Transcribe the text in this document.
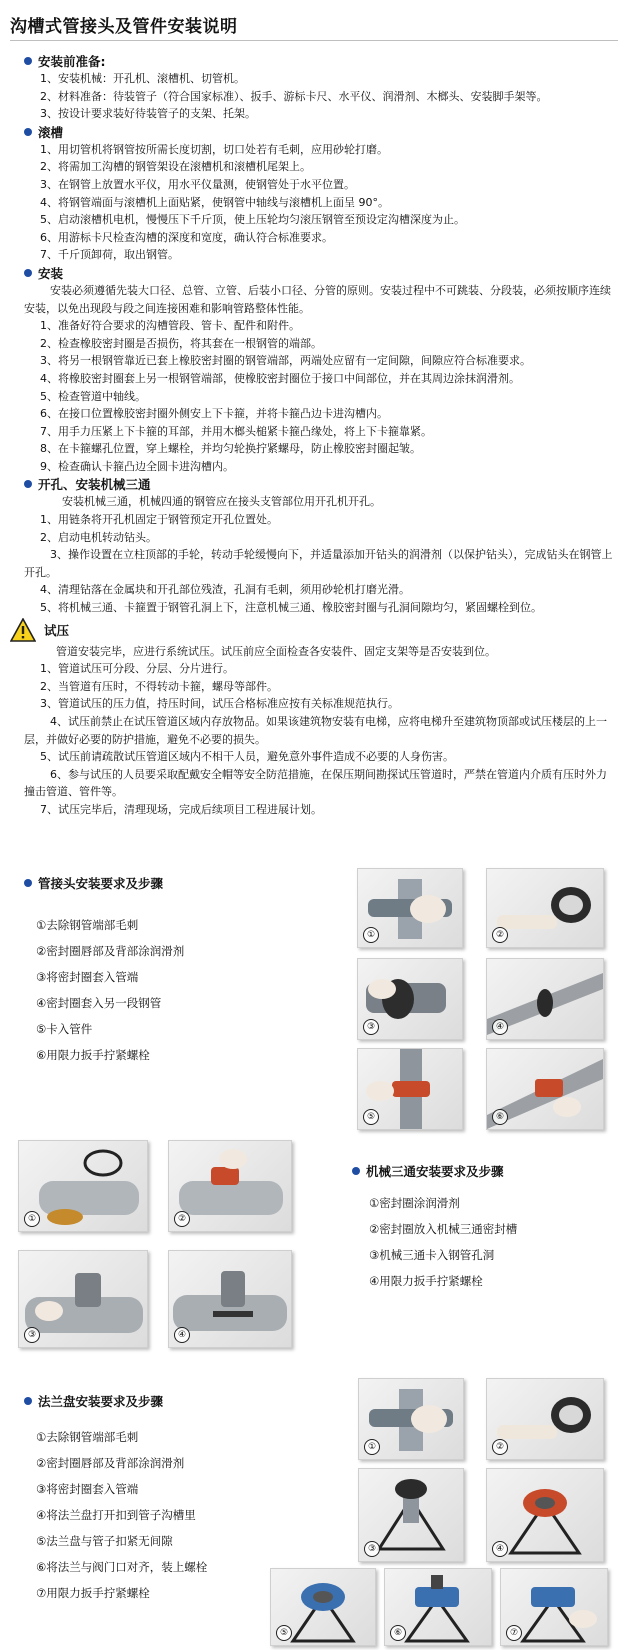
沟槽式管接头及管件安装说明
安装前准备:
1、安装机械：开孔机、滚槽机、切管机。
2、材料准备：待装管子（符合国家标准）、扳手、游标卡尺、水平仪、润滑剂、木榔头、安装脚手架等。
3、按设计要求装好待装管子的支架、托架。
滚槽
1、用切管机将钢管按所需长度切割，切口处若有毛刺，应用砂轮打磨。
2、将需加工沟槽的钢管架设在滚槽机和滚槽机尾架上。
3、在钢管上放置水平仪，用水平仪量测，使钢管处于水平位置。
4、将钢管端面与滚槽机上面贴紧，使钢管中轴线与滚槽机上面呈 90°。
5、启动滚槽机电机，慢慢压下千斤顶，使上压轮均匀滚压钢管至预设定沟槽深度为止。
6、用游标卡尺检查沟槽的深度和宽度，确认符合标准要求。
7、千斤顶卸荷，取出钢管。
安装
安装必须遵循先装大口径、总管、立管、后装小口径、分管的原则。安装过程中不可跳装、分段装，必须按顺序连续安装，以免出现段与段之间连接困难和影响管路整体性能。
1、准备好符合要求的沟槽管段、管卡、配件和附件。
2、检查橡胶密封圈是否损伤，将其套在一根钢管的端部。
3、将另一根钢管靠近已套上橡胶密封圈的钢管端部，两端处应留有一定间隙，间隙应符合标准要求。
4、将橡胶密封圈套上另一根钢管端部，使橡胶密封圈位于接口中间部位，并在其周边涂抹润滑剂。
5、检查管道中轴线。
6、在接口位置橡胶密封圈外侧安上下卡箍，并将卡箍凸边卡进沟槽内。
7、用手力压紧上下卡箍的耳部，并用木榔头槌紧卡箍凸缘处，将上下卡箍靠紧。
8、在卡箍螺孔位置，穿上螺栓，并均匀轮换拧紧螺母，防止橡胶密封圈起皱。
9、检查确认卡箍凸边全圆卡进沟槽内。
开孔、安装机械三通
安装机械三通，机械四通的钢管应在接头支管部位用开孔机开孔。
1、用链条将开孔机固定于钢管预定开孔位置处。
2、启动电机转动钻头。
3、操作设置在立柱顶部的手轮，转动手轮缓慢向下，并适量添加开钻头的润滑剂（以保护钻头），完成钻头在钢管上开孔。
4、清理钻落在金属块和开孔部位残渣，孔洞有毛刺，须用砂轮机打磨光滑。
5、将机械三通、卡箍置于钢管孔洞上下，注意机械三通、橡胶密封圈与孔洞间隙均匀，紧固螺栓到位。
试压
管道安装完毕，应进行系统试压。试压前应全面检查各安装件、固定支架等是否安装到位。
1、管道试压可分段、分层、分片进行。
2、当管道有压时，不得转动卡箍，螺母等部件。
3、管道试压的压力值，持压时间，试压合格标准应按有关标准规范执行。
4、试压前禁止在试压管道区域内存放物品。如果该建筑物安装有电梯，应将电梯升至建筑物顶部或试压楼层的上一层，并做好必要的防护措施，避免不必要的损失。
5、试压前请疏散试压管道区域内不相干人员，避免意外事件造成不必要的人身伤害。
6、参与试压的人员要采取配戴安全帽等安全防范措施，在保压期间勘探试压管道时，严禁在管道内介质有压时外力撞击管道、管件等。
7、试压完毕后，清理现场，完成后续项目工程进展计划。
管接头安装要求及步骤
①去除钢管端部毛刺
②密封圈唇部及背部涂润滑剂
③将密封圈套入管端
④密封圈套入另一段钢管
⑤卡入管件
⑥用限力扳手拧紧螺栓
①	②
③	④
⑤	⑥
①	②
③	④
机械三通安装要求及步骤
①密封圈涂润滑剂
②密封圈放入机械三通密封槽
③机械三通卡入钢管孔洞
④用限力扳手拧紧螺栓
法兰盘安装要求及步骤
①去除钢管端部毛刺
②密封圈唇部及背部涂润滑剂
③将密封圈套入管端
④将法兰盘打开扣到管子沟槽里
⑤法兰盘与管子扣紧无间隙
⑥将法兰与阀门口对齐，装上螺栓
⑦用限力扳手拧紧螺栓
①	②
③	④
⑤	⑥	⑦
